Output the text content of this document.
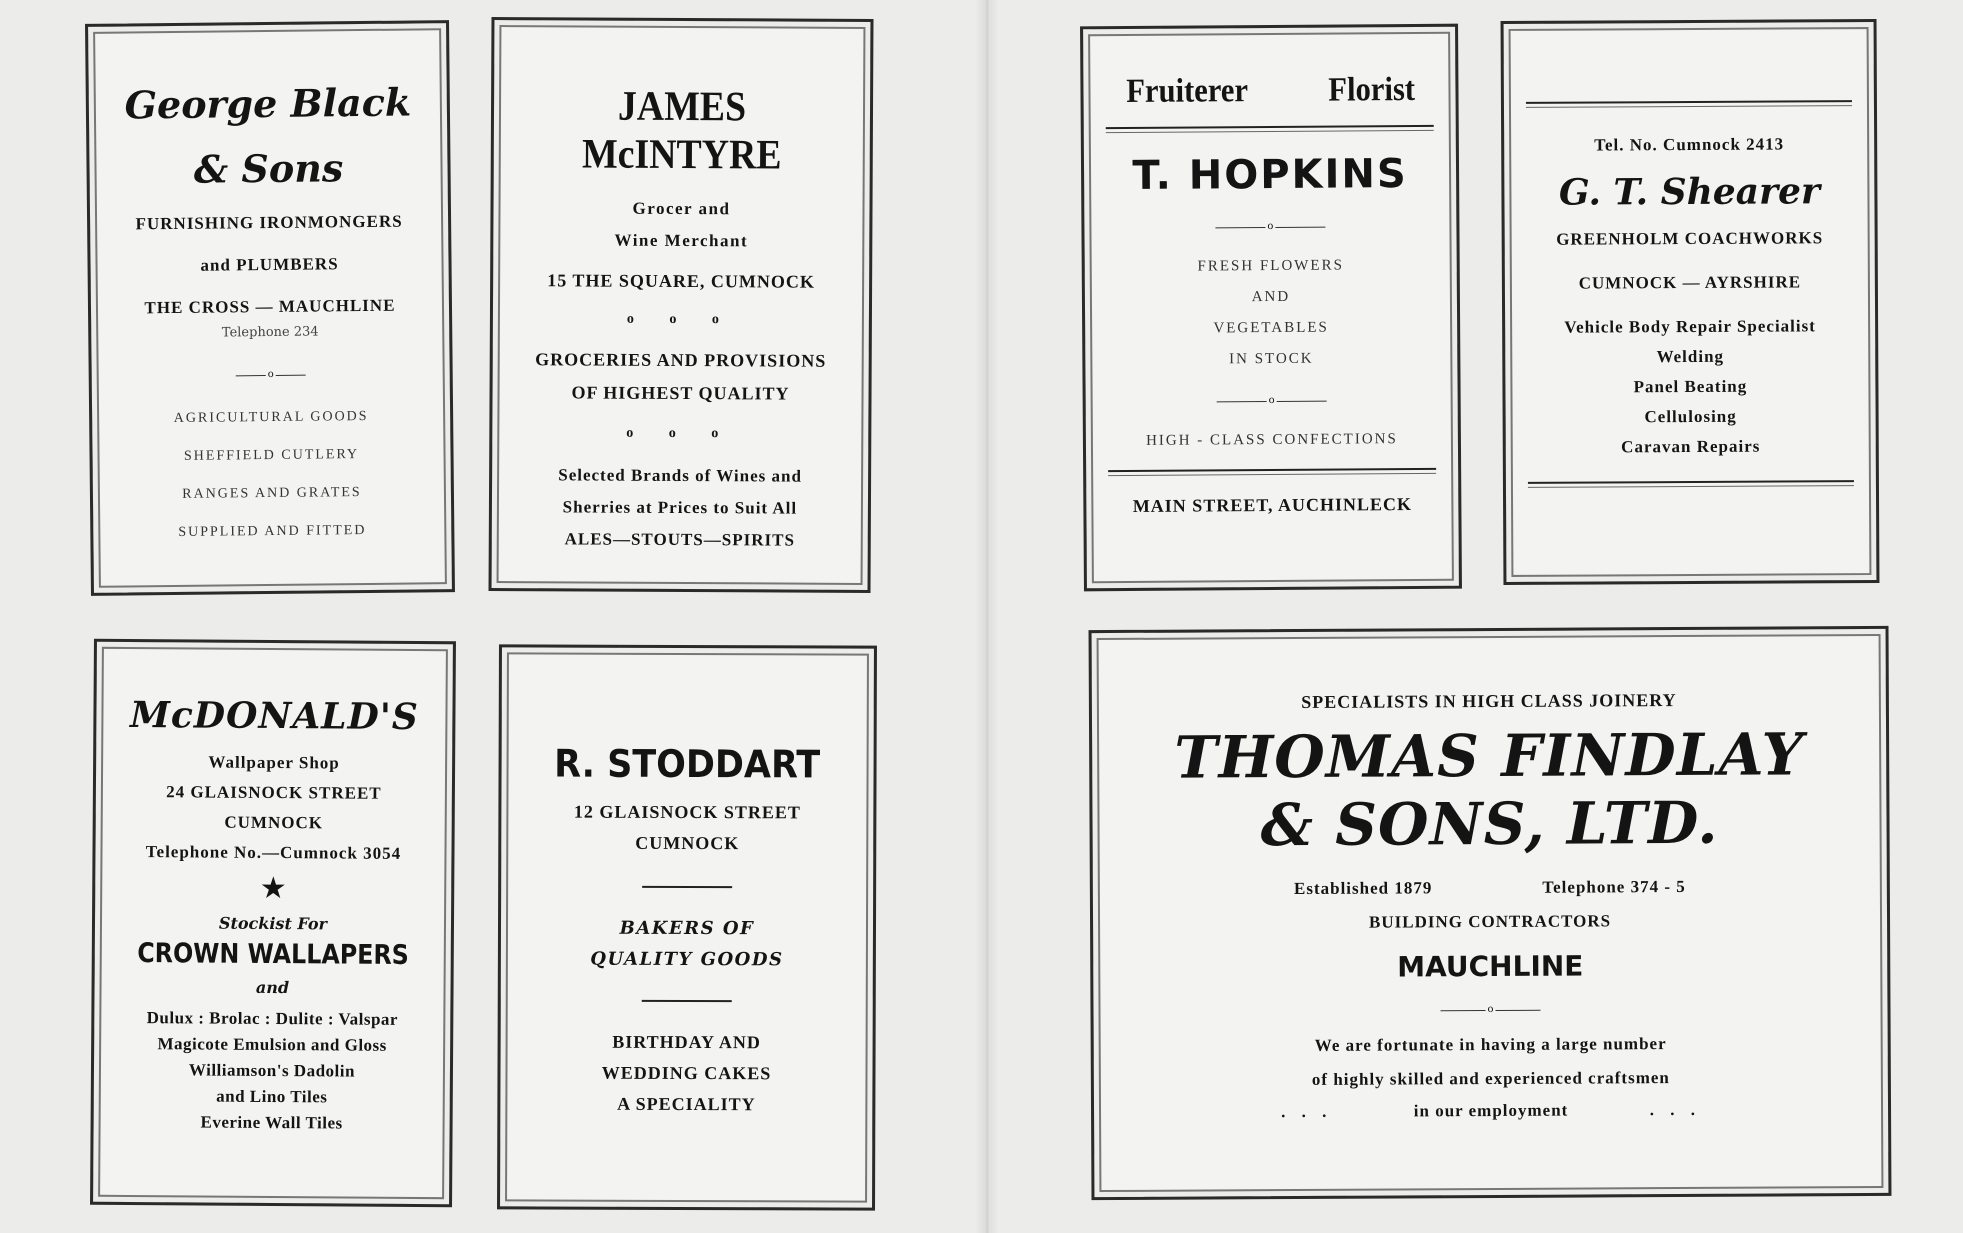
George Black
& Sons
FURNISHING IRONMONGERS
and PLUMBERS
THE CROSS — MAUCHLINE
Telephone 234
o
AGRICULTURAL GOODS
SHEFFIELD CUTLERY
RANGES AND GRATES
SUPPLIED AND FITTED
JAMES McINTYRE
Grocer and
Wine Merchant
15 THE SQUARE, CUMNOCK
o o o
GROCERIES AND PROVISIONS
OF HIGHEST QUALITY
o o o
Selected Brands of Wines and
Sherries at Prices to Suit All
ALES—STOUTS—SPIRITS
Fruiterer Florist
T. HOPKINS
o
FRESH FLOWERS
AND
VEGETABLES
IN STOCK
o
HIGH - CLASS CONFECTIONS
MAIN STREET, AUCHINLECK
Tel. No. Cumnock 2413
G. T. Shearer
GREENHOLM COACHWORKS
CUMNOCK — AYRSHIRE
Vehicle Body Repair Specialist
Welding
Panel Beating
Cellulosing
Caravan Repairs
McDONALD'S
Wallpaper Shop
24 GLAISNOCK STREET
CUMNOCK
Telephone No.—Cumnock 3054
★
Stockist For
CROWN WALLAPERS
and
Dulux : Brolac : Dulite : Valspar
Magicote Emulsion and Gloss
Williamson's Dadolin
and Lino Tiles
Everine Wall Tiles
R. STODDART
12 GLAISNOCK STREET
CUMNOCK
BAKERS OF
QUALITY GOODS
BIRTHDAY AND
WEDDING CAKES
A SPECIALITY
SPECIALISTS IN HIGH CLASS JOINERY
THOMAS FINDLAY
& SONS, LTD.
Established 1879	Telephone 374 - 5
BUILDING CONTRACTORS
MAUCHLINE
o
We are fortunate in having a large number
of highly skilled and experienced craftsmen
. . .	in our employment	. . .
